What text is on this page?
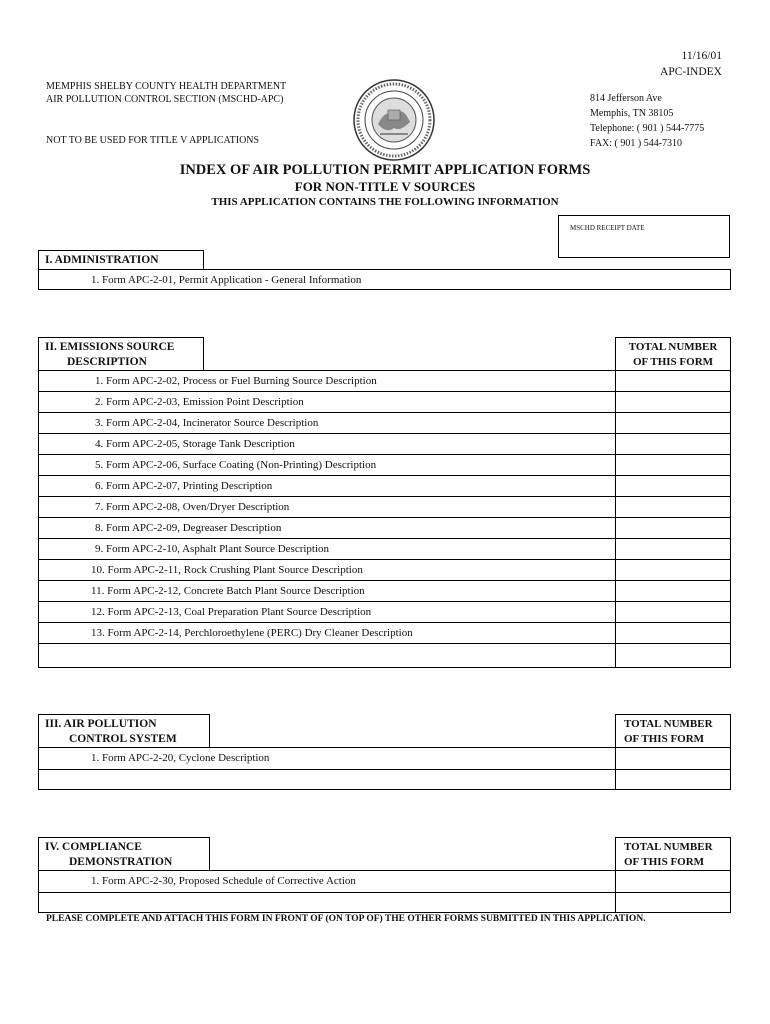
11/16/01
APC-INDEX
MEMPHIS SHELBY COUNTY HEALTH DEPARTMENT
AIR POLLUTION CONTROL SECTION (MSCHD-APC)
NOT TO BE USED FOR TITLE V APPLICATIONS
814 Jefferson Ave
Memphis, TN 38105
Telephone: ( 901 ) 544-7775
FAX: ( 901 ) 544-7310
INDEX OF AIR POLLUTION PERMIT APPLICATION FORMS
FOR NON-TITLE V SOURCES
THIS APPLICATION CONTAINS THE FOLLOWING INFORMATION
MSCHD RECEIPT DATE
I. ADMINISTRATION
1. Form APC-2-01, Permit Application - General Information
II. EMISSIONS SOURCE
DESCRIPTION
TOTAL NUMBER
OF THIS FORM
1. Form APC-2-02, Process or Fuel Burning Source Description
2. Form APC-2-03, Emission Point Description
3. Form APC-2-04, Incinerator Source Description
4. Form APC-2-05, Storage Tank Description
5. Form APC-2-06, Surface Coating (Non-Printing) Description
6. Form APC-2-07, Printing Description
7. Form APC-2-08, Oven/Dryer Description
8. Form APC-2-09, Degreaser Description
9. Form APC-2-10, Asphalt Plant Source Description
10. Form APC-2-11, Rock Crushing Plant Source Description
11. Form APC-2-12, Concrete Batch Plant Source Description
12. Form APC-2-13, Coal Preparation Plant Source Description
13. Form APC-2-14, Perchloroethylene (PERC) Dry Cleaner Description
III. AIR POLLUTION
CONTROL SYSTEM
TOTAL NUMBER
OF THIS FORM
1. Form APC-2-20, Cyclone Description
IV. COMPLIANCE
DEMONSTRATION
TOTAL NUMBER
OF THIS FORM
1. Form APC-2-30, Proposed Schedule of Corrective Action
PLEASE COMPLETE AND ATTACH THIS FORM IN FRONT OF (ON TOP OF) THE OTHER FORMS SUBMITTED IN THIS APPLICATION.
